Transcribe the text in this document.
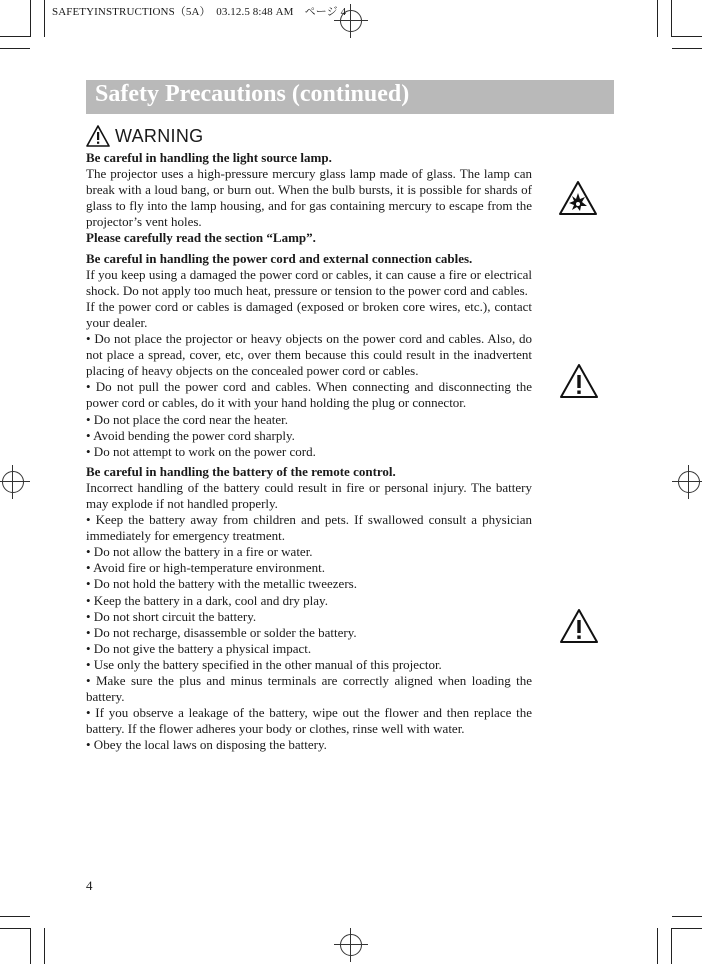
SAFETYINSTRUCTIONS（5A）　03.12.5 8:48 AM　ページ 4
Safety Precautions (continued)
WARNING

Be careful in handling the light source lamp.

The projector uses a high-pressure mercury glass lamp made of glass. The lamp can break with a loud bang, or burn out. When the bulb bursts, it is possible for shards of glass to fly into the lamp housing, and for gas containing mercury to escape from the projector’s vent holes.

Please carefully read the section “Lamp”.

Be careful in handling the power cord and external connection cables.

If you keep using a damaged the power cord or cables, it can cause a fire or electrical shock. Do not apply too much heat, pressure or tension to the power cord and cables.

If the power cord or cables is damaged (exposed or broken core wires, etc.), contact your dealer.

• Do not place the projector or heavy objects on the power cord and cables. Also, do not place a spread, cover, etc, over them because this could result in the inadvertent placing of heavy objects on the concealed power cord or cables.

• Do not pull the power cord and cables. When connecting and disconnecting the power cord or cables, do it with your hand holding the plug or connector.

• Do not place the cord near the heater.

• Avoid bending the power cord sharply.

• Do not attempt to work on the power cord.

Be careful in handling the battery of the remote control.

Incorrect handling of the battery could result in fire or personal injury. The battery may explode if not handled properly.

• Keep the battery away from children and pets. If swallowed consult a physician immediately for emergency treatment.

• Do not allow the battery in a fire or water.

• Avoid fire or high-temperature environment.

• Do not hold the battery with the metallic tweezers.

• Keep the battery in a dark, cool and dry play.

• Do not short circuit the battery.

• Do not recharge, disassemble or solder the battery.

• Do not give the battery a physical impact.

• Use only the battery specified in the other manual of this projector.

• Make sure the plus and minus terminals are correctly aligned when loading the battery.

• If you observe a leakage of the battery, wipe out the flower and then replace the battery. If the flower adheres your body or clothes, rinse well with water.

• Obey the local laws on disposing the battery.

4
